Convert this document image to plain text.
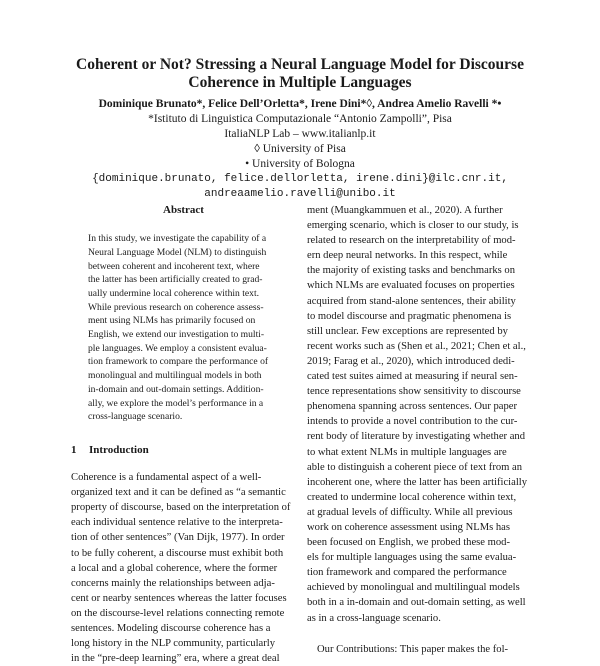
Coherent or Not? Stressing a Neural Language Model for Discourse
Coherence in Multiple Languages
Dominique Brunato*, Felice Dell’Orletta*, Irene Dini*◊, Andrea Amelio Ravelli *•
*Istituto di Linguistica Computazionale “Antonio Zampolli”, Pisa
ItaliaNLP Lab – www.italianlp.it
◊ University of Pisa
• University of Bologna
{dominique.brunato, felice.dellorletta, irene.dini}@ilc.cnr.it,
andreaamelio.ravelli@unibo.it
Abstract
In this study, we investigate the capability of a
Neural Language Model (NLM) to distinguish
between coherent and incoherent text, where
the latter has been artificially created to grad-
ually undermine local coherence within text.
While previous research on coherence assess-
ment using NLMs has primarily focused on
English, we extend our investigation to multi-
ple languages. We employ a consistent evalua-
tion framework to compare the performance of
monolingual and multilingual models in both
in-domain and out-domain settings. Addition-
ally, we explore the model’s performance in a
cross-language scenario.
1 Introduction
Coherence is a fundamental aspect of a well-
organized text and it can be defined as “a semantic
property of discourse, based on the interpretation of
each individual sentence relative to the interpreta-
tion of other sentences” (Van Dijk, 1977). In order
to be fully coherent, a discourse must exhibit both
a local and a global coherence, where the former
concerns mainly the relationships between adja-
cent or nearby sentences whereas the latter focuses
on the discourse-level relations connecting remote
sentences. Modeling discourse coherence has a
long history in the NLP community, particularly
in the “pre-deep learning” era, where a great deal
ment (Muangkammuen et al., 2020). A further
emerging scenario, which is closer to our study, is
related to research on the interpretability of mod-
ern deep neural networks. In this respect, while
the majority of existing tasks and benchmarks on
which NLMs are evaluated focuses on properties
acquired from stand-alone sentences, their ability
to model discourse and pragmatic phenomena is
still unclear. Few exceptions are represented by
recent works such as (Shen et al., 2021; Chen et al.,
2019; Farag et al., 2020), which introduced dedi-
cated test suites aimed at measuring if neural sen-
tence representations show sensitivity to discourse
phenomena spanning across sentences. Our paper
intends to provide a novel contribution to the cur-
rent body of literature by investigating whether and
to what extent NLMs in multiple languages are
able to distinguish a coherent piece of text from an
incoherent one, where the latter has been artificially
created to undermine local coherence within text,
at gradual levels of difficulty. While all previous
work on coherence assessment using NLMs has
been focused on English, we probed these mod-
els for multiple languages using the same evalua-
tion framework and compared the performance
achieved by monolingual and multilingual models
both in a in-domain and out-domain setting, as well
as in a cross-language scenario.
Our Contributions: This paper makes the fol-
